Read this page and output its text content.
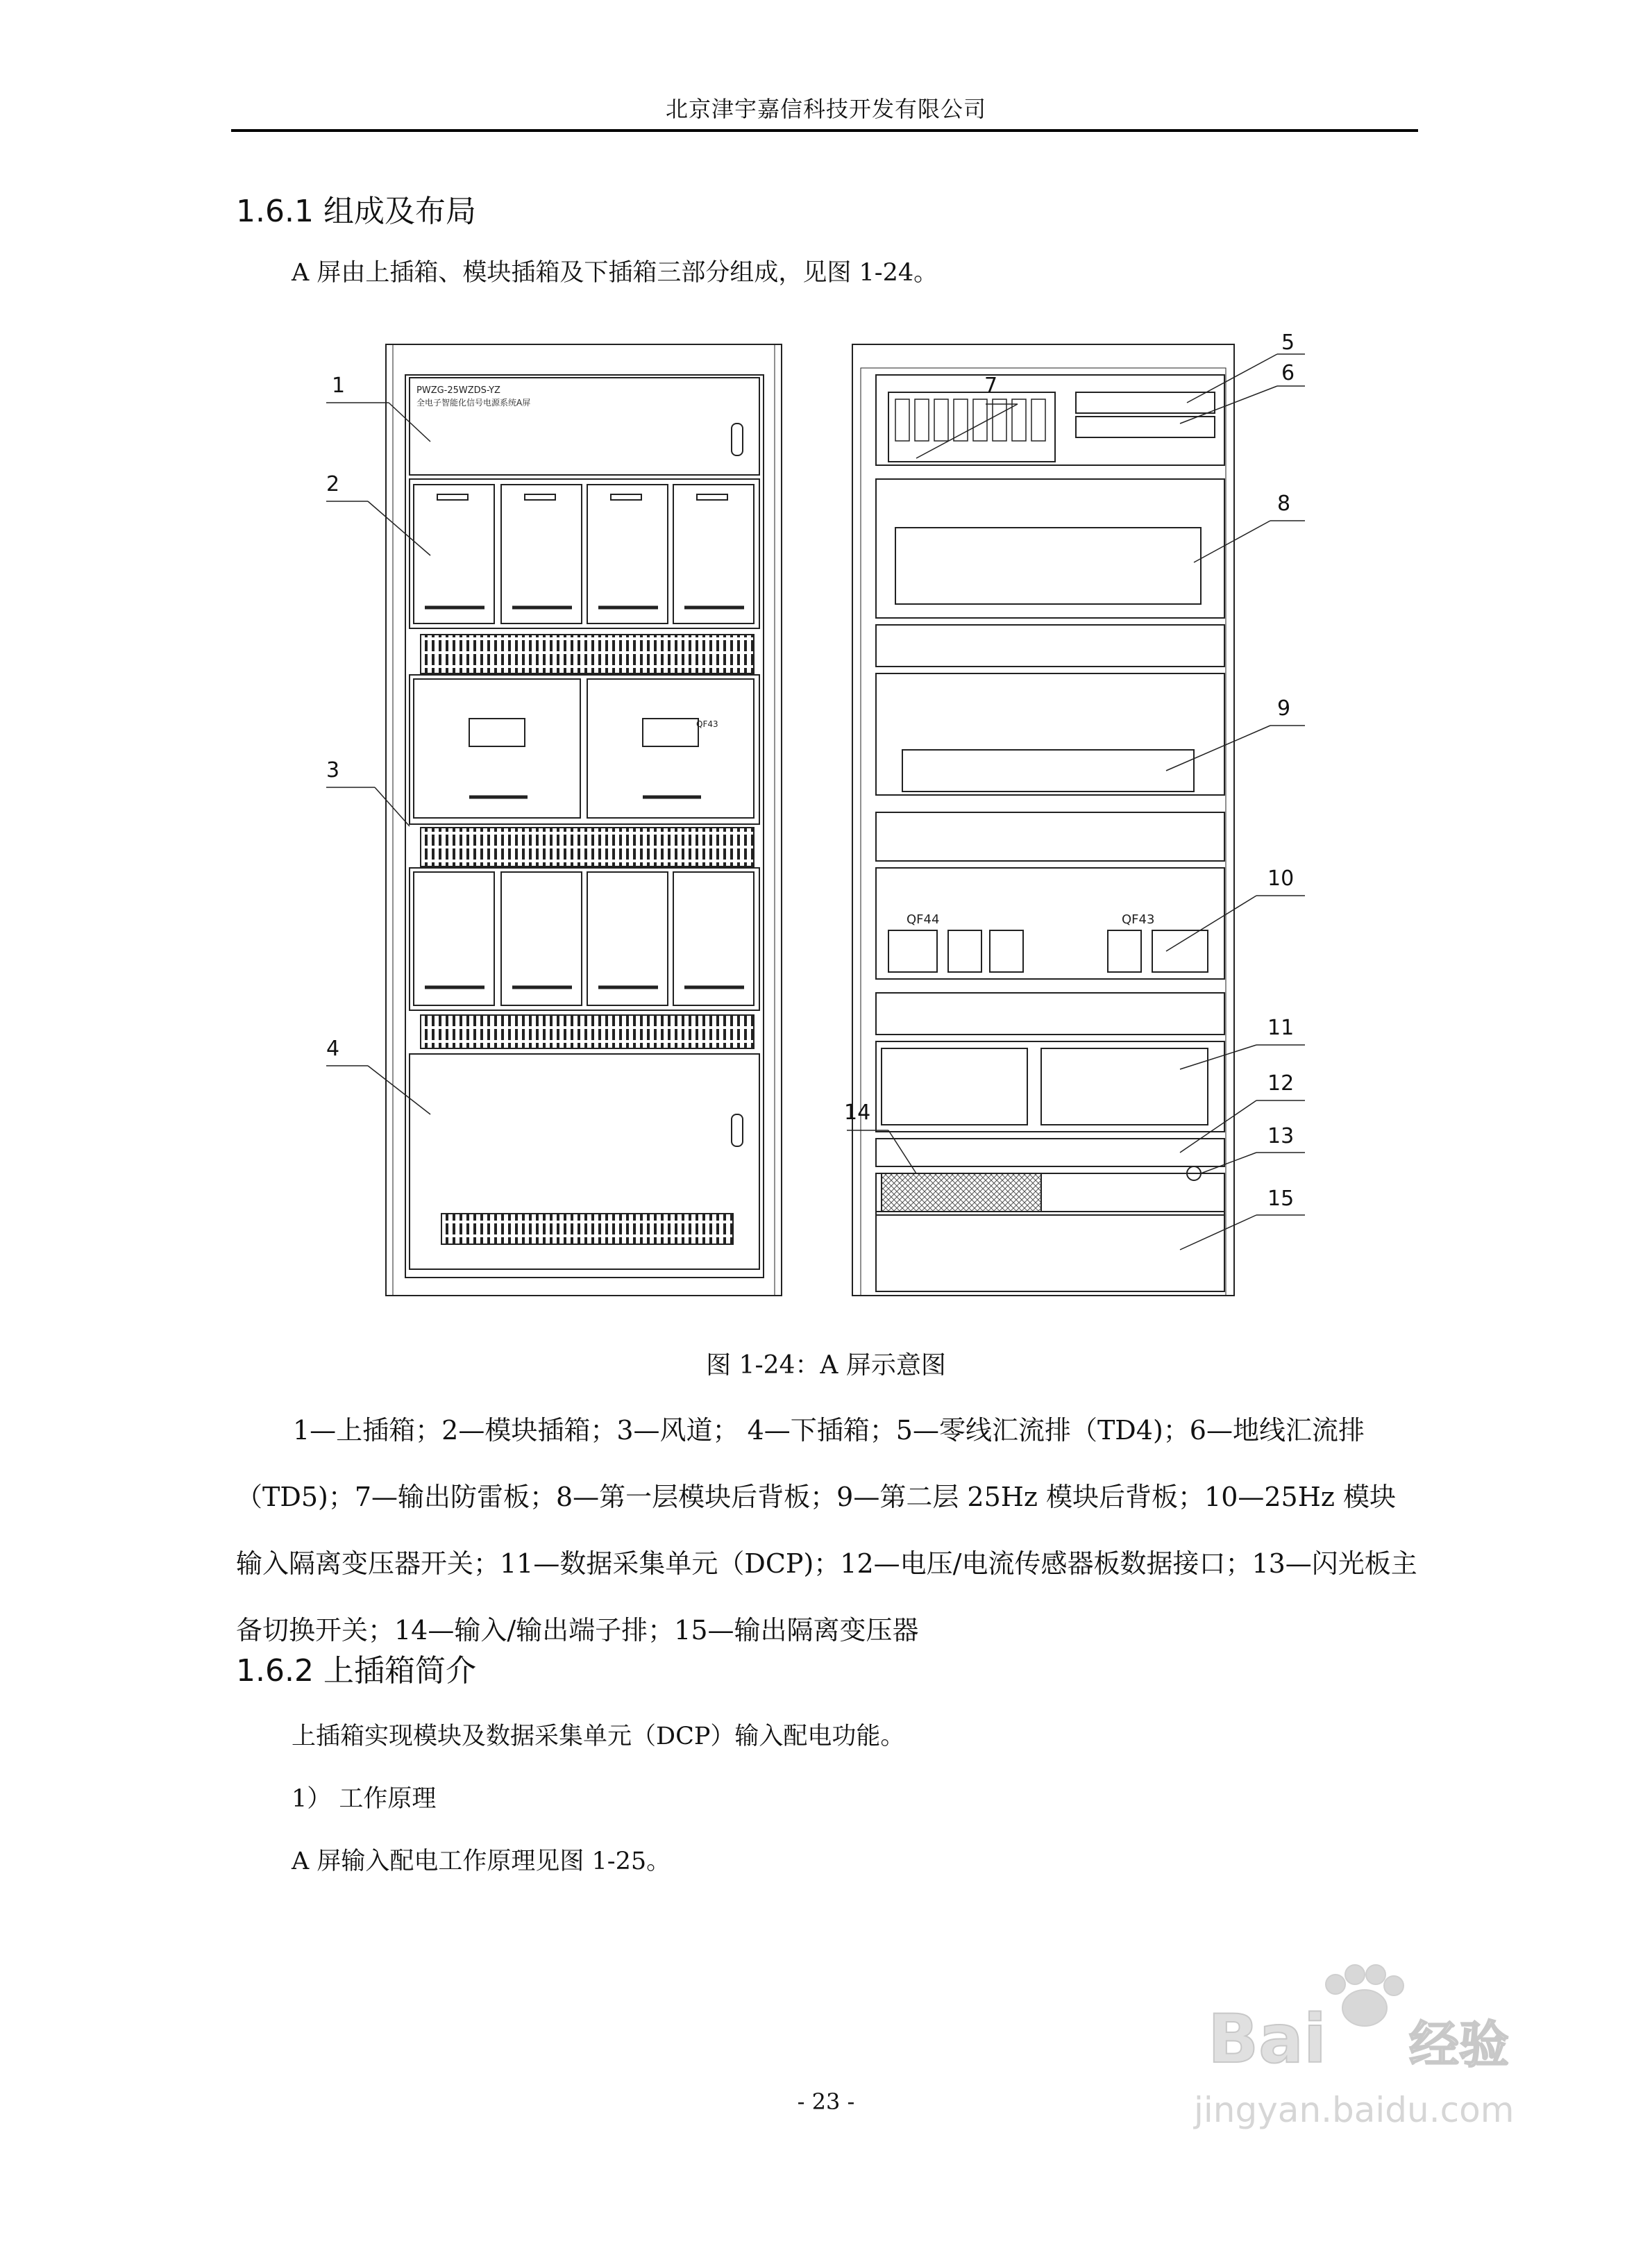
北京津宇嘉信科技开发有限公司
1.6.1 组成及布局
A 屏由上插箱、模块插箱及下插箱三部分组成，见图 1-24。
PWZG-25WZDS-YZ
全电子智能化信号电源系统A屏
QF43
QF44	QF43
1
2
3
4
5
6
7
8
9
10
11
12
13
14
15
图 1-24：A 屏示意图
1—上插箱；2—模块插箱；3—风道； 4—下插箱；5—零线汇流排（TD4)；6—地线汇流排（TD5)；7—输出防雷板；8—第一层模块后背板；9—第二层 25Hz 模块后背板；10—25Hz 模块输入隔离变压器开关；11—数据采集单元（DCP)；12—电压/电流传感器板数据接口；13—闪光板主备切换开关；14—输入/输出端子排；15—输出隔离变压器
1.6.2 上插箱简介
上插箱实现模块及数据采集单元（DCP）输入配电功能。
1） 工作原理
A 屏输入配电工作原理见图 1-25。
- 23 -
Bai 经验
jingyan.baidu.com
